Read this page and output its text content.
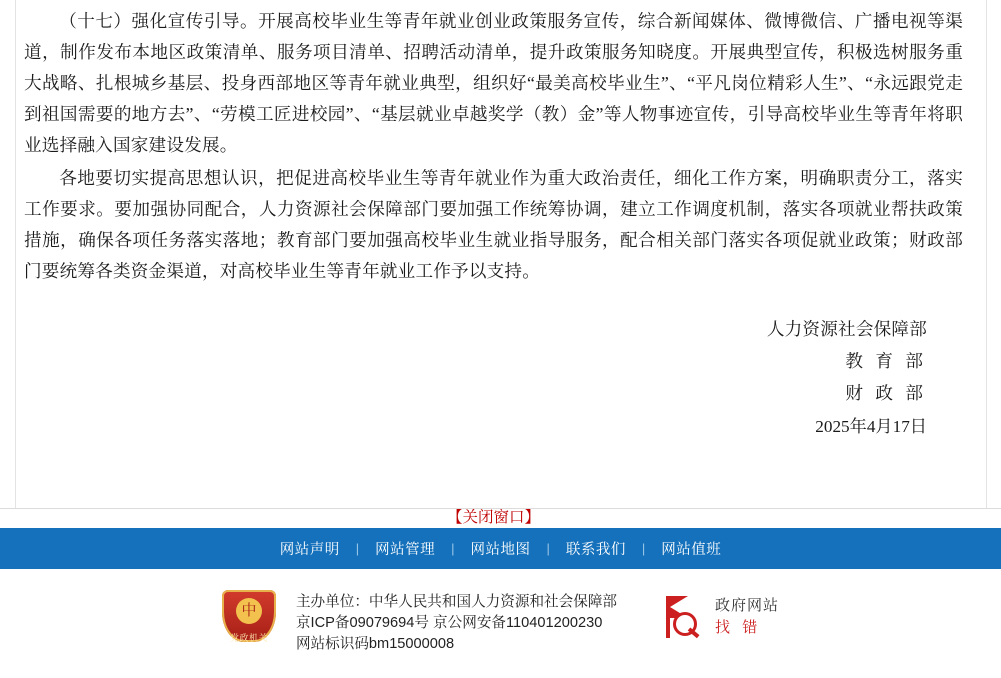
（十七）强化宣传引导。开展高校毕业生等青年就业创业政策服务宣传，综合新闻媒体、微博微信、广播电视等渠道，制作发布本地区政策清单、服务项目清单、招聘活动清单，提升政策服务知晓度。开展典型宣传，积极选树服务重大战略、扎根城乡基层、投身西部地区等青年就业典型，组织好“最美高校毕业生”、“平凡岗位精彩人生”、“永远跟党走到祖国需要的地方去”、“劳模工匠进校园”、“基层就业卓越奖学（教）金”等人物事迹宣传，引导高校毕业生等青年将职业选择融入国家建设发展。

各地要切实提高思想认识，把促进高校毕业生等青年就业作为重大政治责任，细化工作方案，明确职责分工，落实工作要求。要加强协同配合，人力资源社会保障部门要加强工作统筹协调，建立工作调度机制，落实各项就业帮扶政策措施，确保各项任务落实落地；教育部门要加强高校毕业生就业指导服务，配合相关部门落实各项促就业政策；财政部门要统筹各类资金渠道，对高校毕业生等青年就业工作予以支持。

人力资源社会保障部
教 育 部
财 政 部
2025年4月17日
【关闭窗口】
网站声明	|	网站管理	|	网站地图	|	联系我们	|	网站值班
中
党政机关
主办单位：中华人民共和国人力资源和社会保障部
京ICP备09079694号 京公网安备110401200230
网站标识码bm15000008
政府网站
找 错
